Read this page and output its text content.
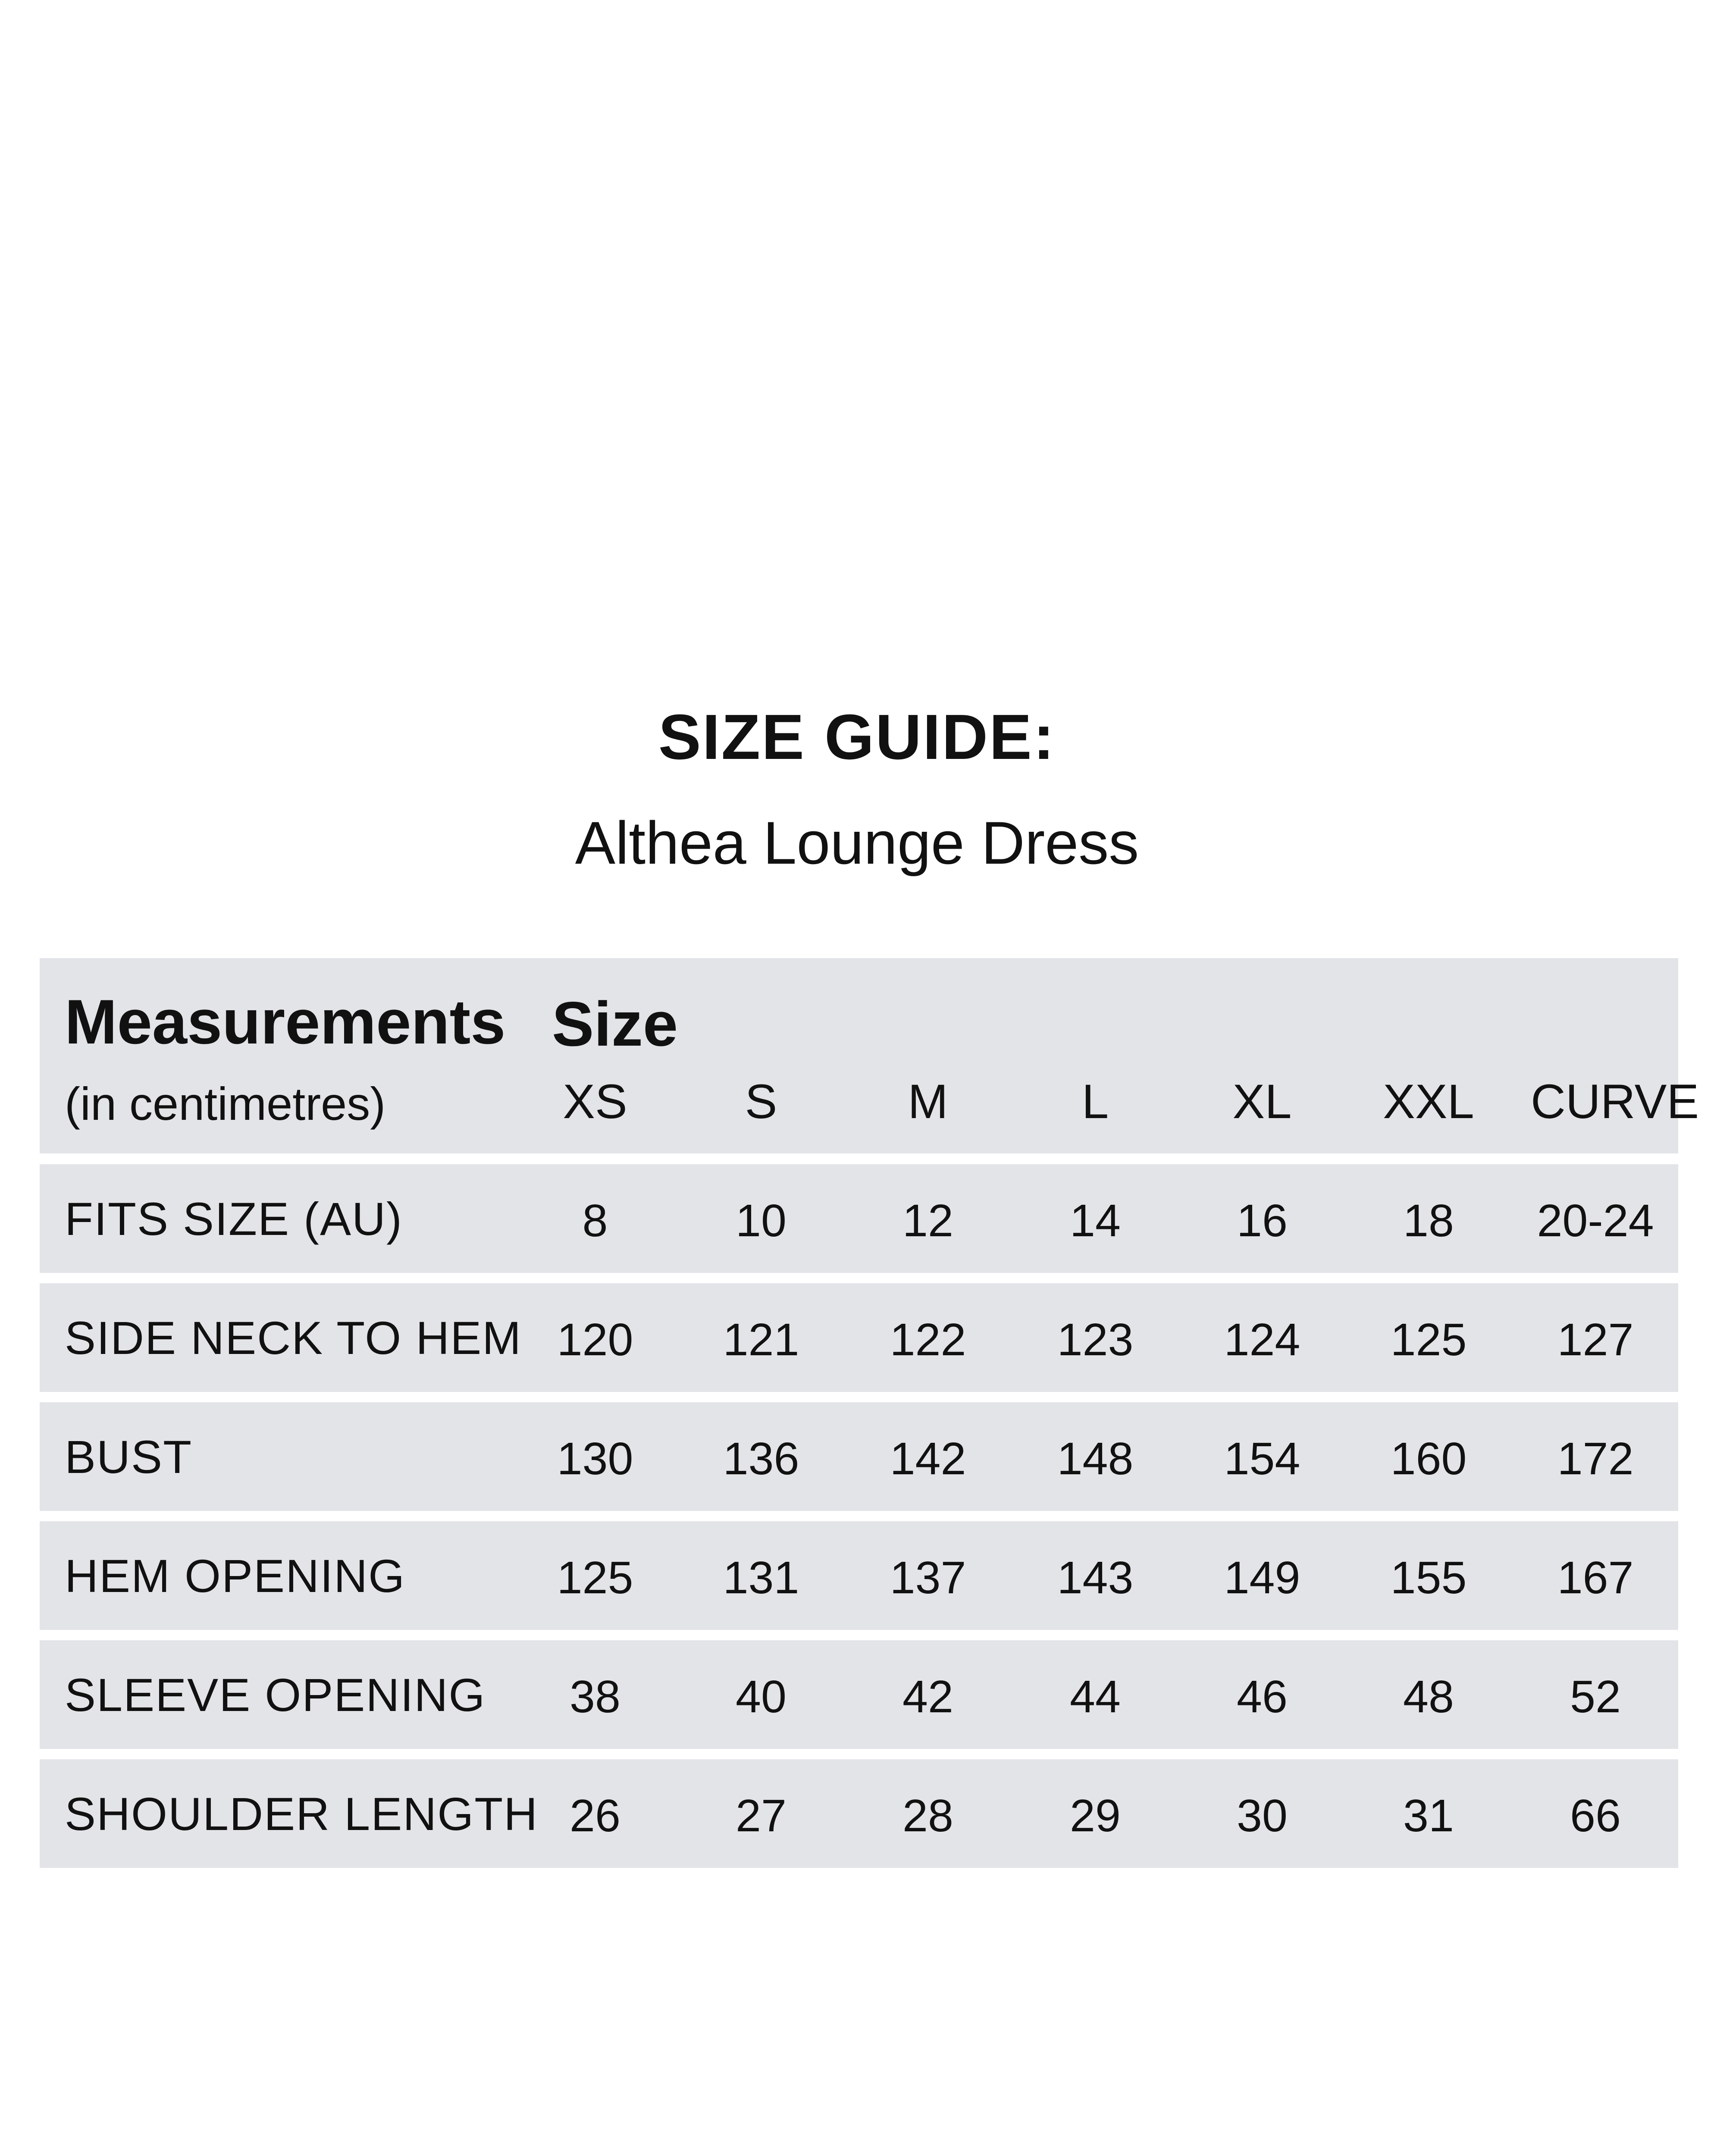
SIZE GUIDE:
Althea Lounge Dress
Measurements
(in centimetres)
Size
XS	S	M	L	XL	XXL	CURVE
FITS SIZE (AU)	8	10	12	14	16	18	20-24
SIDE NECK TO HEM 120	121	122	123	124	125	127
BUST	130	136	142	148	154	160	172
HEM OPENING	125	131	137	143	149	155	167
SLEEVE OPENING	38	40	42	44	46	48	52
SHOULDER LENGTH 26	27	28	29	30	31	66
